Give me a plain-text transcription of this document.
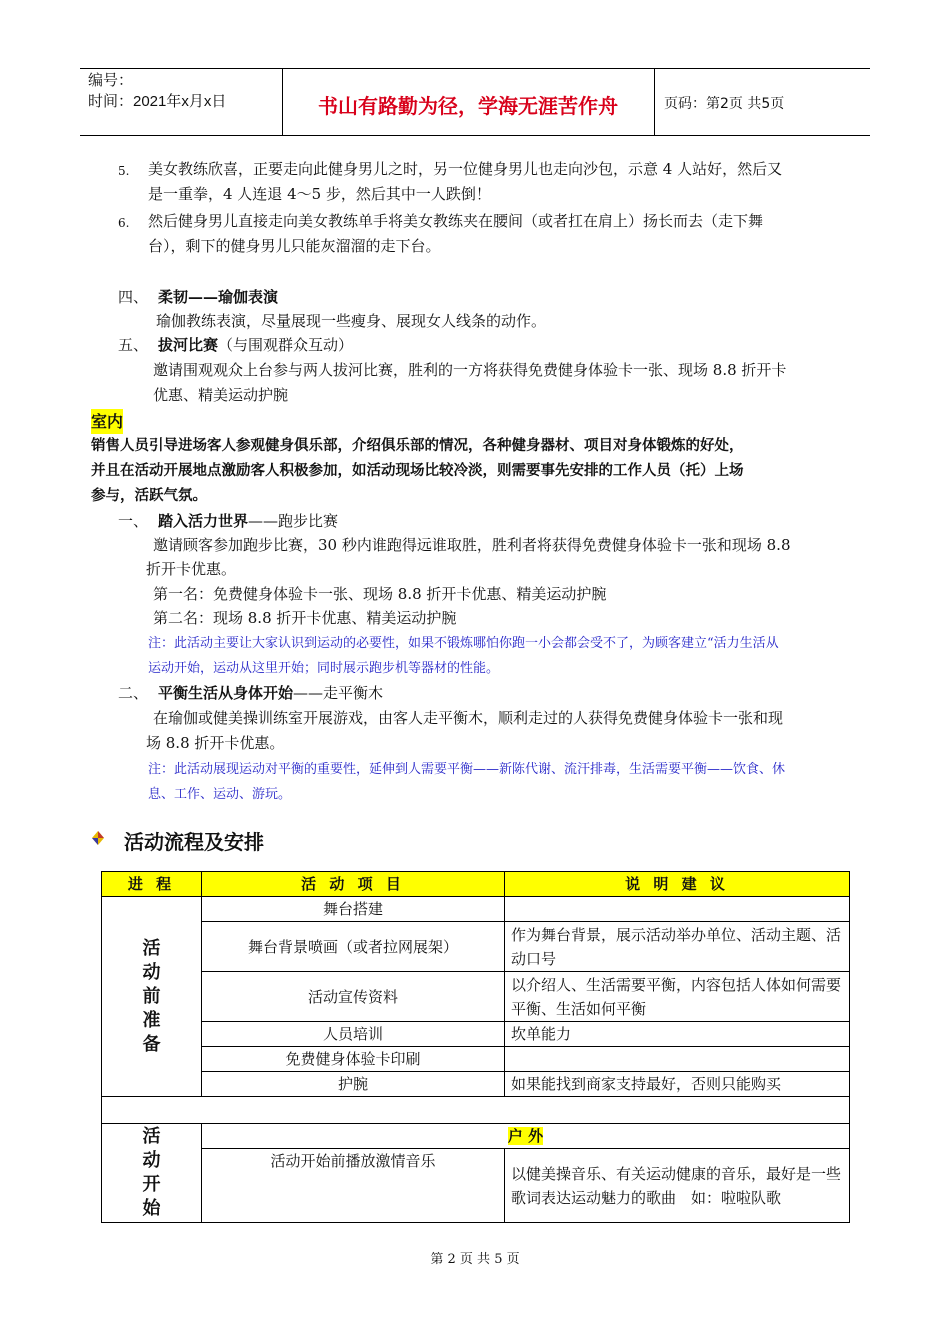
编号：
时间：2021年x月x日	书山有路勤为径，学海无涯苦作舟	页码：第2页 共5页
5. 美女教练欣喜，正要走向此健身男儿之时，另一位健身男儿也走向沙包，示意 4 人站好，然后又
是一重拳，4 人连退 4～5 步，然后其中一人跌倒！
6. 然后健身男儿直接走向美女教练单手将美女教练夹在腰间（或者扛在肩上）扬长而去（走下舞
台），剩下的健身男儿只能灰溜溜的走下台。
四、 柔韧——瑜伽表演
瑜伽教练表演，尽量展现一些瘦身、展现女人线条的动作。
五、 拔河比赛（与围观群众互动）
邀请围观观众上台参与两人拔河比赛，胜利的一方将获得免费健身体验卡一张、现场 8.8 折开卡
优惠、精美运动护腕
室内
销售人员引导进场客人参观健身俱乐部，介绍俱乐部的情况，各种健身器材、项目对身体锻炼的好处，
并且在活动开展地点激励客人积极参加，如活动现场比较冷淡，则需要事先安排的工作人员（托）上场
参与，活跃气氛。
一、 踏入活力世界——跑步比赛
邀请顾客参加跑步比赛，30 秒内谁跑得远谁取胜，胜利者将获得免费健身体验卡一张和现场 8.8
折开卡优惠。
第一名：免费健身体验卡一张、现场 8.8 折开卡优惠、精美运动护腕
第二名：现场 8.8 折开卡优惠、精美运动护腕
注：此活动主要让大家认识到运动的必要性，如果不锻炼哪怕你跑一小会都会受不了，为顾客建立“活力生活从
运动开始，运动从这里开始；同时展示跑步机等器材的性能。
二、 平衡生活从身体开始——走平衡木
在瑜伽或健美操训练室开展游戏，由客人走平衡木，顺利走过的人获得免费健身体验卡一张和现
场 8.8 折开卡优惠。
注：此活动展现运动对平衡的重要性，延伸到人需要平衡——新陈代谢、流汗排毒，生活需要平衡——饮食、休
息、工作、运动、游玩。
活动流程及安排
进 程	活 动 项 目	说 明 建 议

活
动
前
准
备	舞台搭建	
	舞台背景喷画（或者拉网展架）	作为舞台背景，展示活动举办单位、活动主题、活动口号
	活动宣传资料	以介绍人、生活需要平衡，内容包括人体如何需要平衡、生活如何平衡
	人员培训	坎单能力
	免费健身体验卡印刷	
	护腕	如果能找到商家支持最好，否则只能购买

活
动
开
始	户 外	
	活动开始前播放激情音乐	以健美操音乐、有关运动健康的音乐，最好是一些歌词表达运动魅力的歌曲　如：啦啦队歌
第 2 页 共 5 页
